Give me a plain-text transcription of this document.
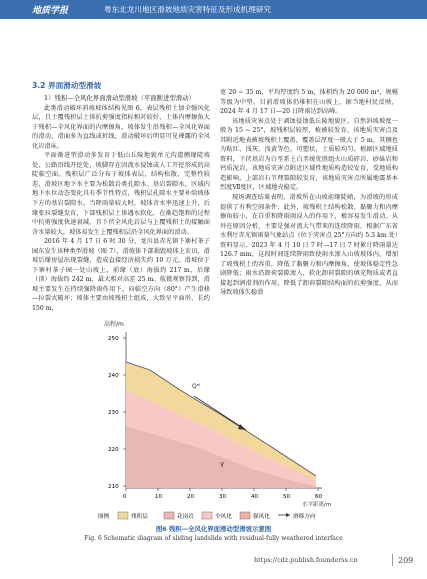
地质学报	粤东北龙川地区滑坡地质灾害特征及形成机理研究
3.2 界面滑动型滑坡

1）残积—全风化界面滑动型滑坡（平面断进型滑动）

此类滑动破坏斜坡坡体结构见图 6。表层残积土加全强风化层，且土覆残积层土体抗剪强度指标相对较好，土体内摩擦角大于残积—全风化界面的内摩擦角，坡体发生沿残积—全风化界面的滑动，滑面多为直线或折线，滑动破坏后明显可见裸露的全风化岩滑床。

平面渐进型滑动多发育于低山丘陵地貌单元沟道侧缘陡坡处、公路沿线开挖处，坡脚存在因流水侵蚀或人工开挖形成的高陡临空面。残积层广泛分布于坡体表层，结构松散，完整性较差，滑坡区地下水主要为松散岩类孔隙水、基岩裂隙水，区域内地下水位动态变化具有季节性特点，残积层孔隙水主要补给坡体下方的基岩裂隙水。当降雨量较大时，坡体含水率迅速上升，后缘张拉裂缝发育，下部残积层土体遇水软化，在渐趋饱和的过程中抗剪强度快速衰减，且下伏全风化岩层与上覆残积土的接触面含水量较大，坡体易发生上覆残积层沿全风化界面的滑动。

2016 年 4 月 17 日 6 时 30 分，龙川县赤光镇下寨村茶子园东发生该种类型滑坡（图 7），滑坡体下部损毁坡体上农田，滑坡后缘房屋出现裂缝，造成直接经济损失约 10 万元。滑坡位于下寨村茶子园一处山坡上，前缘（底）海拔约 217 m，后缘（顶）海拔约 242 m，最大相对高差 25 m。航摄观察得到，滑坡主要发生在持续强降雨作用下，向临空方向（80°）产生滑移—拉裂式破坏；坡体主要由坡残积土组成，大致呈平面形，长约 150 m，

宽 20 ~ 35 m，平均厚度约 5 m，体积约为 20 000 m³，规模等级为中型。目前滑坡体仍堆积在山坡上，据当地村民反映，2024 年 4 月 17 日—20 日降雨达到高峰。

该地质灾害点处于剥蚀侵蚀低丘陵地貌区，自然斜坡坡度一般为 15 ~ 25°，坡残积层较厚，植被较发育，该地质灾害点及其附近地表被坡残积土覆盖，覆盖层厚度一般大于 5 m，其侧也为粘红、浅灰、浅黄等色，可塑状，土质较均匀。根据区域地质资料，下伏基岩为白垩系上白垩统优胜组火山质碎岩、砂砾岩和钙质泥岩，该地质灾害点附近区域性地质构造较发育，受地质构造影响，上部岩石节理裂隙较发育，该地质灾害点所属地震基本烈度Ⅶ度区，区域地壳稳定。

现场调查结果表明，滑坡所在山坡前缘陡峭，为滑坡的形成提供了有利空间条件；此外，坡残积土结构松散、黏聚力和内摩擦角较小，在自重和降雨雨浸入的作用下，极容易发生滑动。从外在原因分析，主要是强对流大气带来的连续降雨，根据广东省水利厅赤光镇雨量气象站点（位于灾害点 25°方向约 5.3 km 处）资料显示，2023 年 4 月 10 日 7 时—17 日 7 时累计降雨量达 126.7 mm，这段时间连续降雨致使雨水渗入山坡坡体内，增加了坡残积土的容重，降低了黏聚力和内摩擦角，使坡体稳定性急剧降低；雨水沿卸荷裂隙渗入，软化卸荷裂隙的填充物质或者直接起到润滑剂的作用，降低了卸荷裂隙结构面的抗剪强度，从而导致坡体失稳滑

高程/m
Qᵉˡ
γ
250
240
230
220
210
0	10	20	30	40	50	60
水平距离/m
图例	残积层	花岗岩	全风化	强风化	滑移方向
图6 残积—全风化界面滑动型滑坡示意图
Fig. 6 Schematic diagram of sliding landslide with residual-fully weathered interface
https://cdz.publish.founderss.cn	209
